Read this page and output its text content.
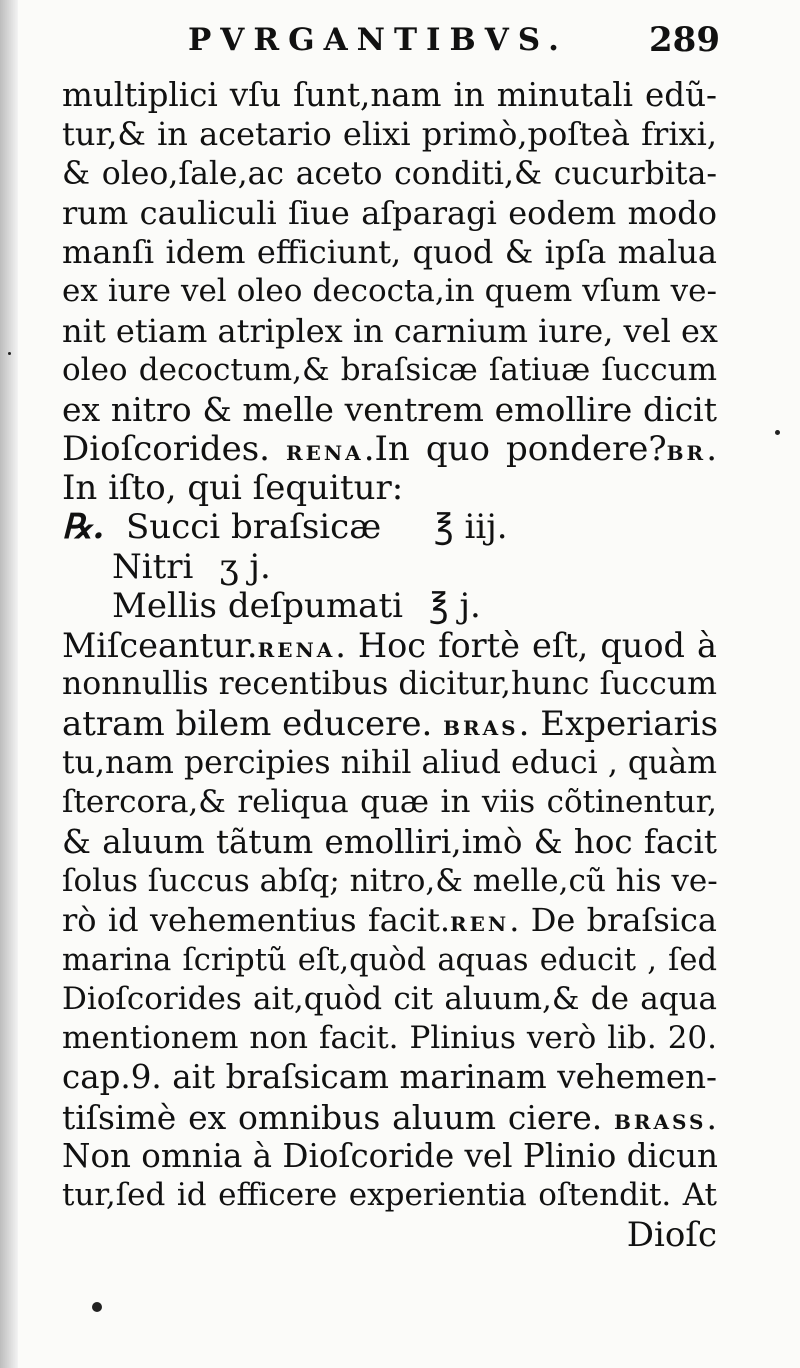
PVRGANTIBVS. 289
multiplici vſu ſunt,nam in minutali edũ-
tur,& in acetario elixi primò,poſteà frixi,
& oleo,ſale,ac aceto conditi,& cucurbita-
rum cauliculi ſiue aſparagi eodem modo
manſi idem efficiunt, quod & ipſa malua
ex iure vel oleo decocta,in quem vſum ve-
nit etiam atriplex in carnium iure, vel ex
oleo decoctum,& braſsicæ ſatiuæ ſuccum
ex nitro & melle ventrem emollire dicit
Dioſcorides. RENA.In quo pondere?BR.
In iſto, qui ſequitur:
℞. Succi braſsicæ	℥ iij.
Nitri ʒ j.
Mellis deſpumati ℥ j.
Miſceantur.RENA. Hoc fortè eſt, quod à
nonnullis recentibus dicitur,hunc ſuccum
atram bilem educere. BRAS. Experiaris
tu,nam percipies nihil aliud educi , quàm
ſtercora,& reliqua quæ in viis cõtinentur,
& aluum tãtum emolliri,imò & hoc facit
ſolus ſuccus abſq; nitro,& melle,cũ his ve-
rò id vehementius facit.REN. De braſsica
marina ſcriptũ eſt,quòd aquas educit , ſed
Dioſcorides ait,quòd cit aluum,& de aqua
mentionem non facit. Plinius verò lib. 20.
cap.9. ait braſsicam marinam vehemen-
tiſsimè ex omnibus aluum ciere. BRASS.
Non omnia à Dioſcoride vel Plinio dicun
tur,ſed id efficere experientia oſtendit. At
Dioſc
